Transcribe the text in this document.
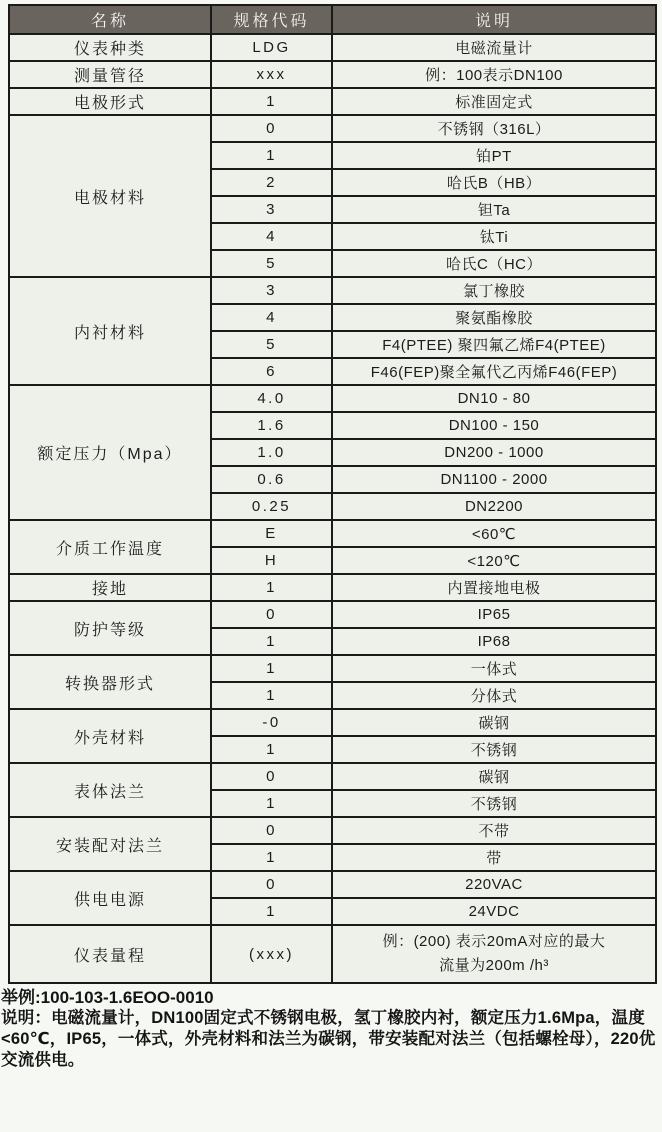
名称	规格代码	说明
仪表种类	LDG	电磁流量计
测量管径	xxx	例：100表示DN100
电极形式	1	标准固定式
电极材料	0	不锈钢（316L）
	1	铂PT
	2	哈氏B（HB）
	3	钽Ta
	4	钛Ti
	5	哈氏C（HC）
内衬材料	3	氯丁橡胶
	4	聚氨酯橡胶
	5	F4(PTEE) 聚四氟乙烯F4(PTEE)
	6	F46(FEP)聚全氟代乙丙烯F46(FEP)
额定压力（Mpa）	4.0	DN10 - 80
	1.6	DN100 - 150
	1.0	DN200 - 1000
	0.6	DN1100 - 2000
	0.25	DN2200
介质工作温度	E	<60℃
	H	<120℃
接地	1	内置接地电极
防护等级	0	IP65
	1	IP68
转换器形式	1	一体式
	1	分体式
外壳材料	-0	碳钢
	1	不锈钢
表体法兰	0	碳钢
	1	不锈钢
安装配对法兰	0	不带
	1	带
供电电源	0	220VAC
	1	24VDC
仪表量程	(xxx)	例：(200) 表示20mA对应的最大
流量为200m /h³
举例:100-103-1.6EOO-0010
说明：电磁流量计，DN100固定式不锈钢电极，氢丁橡胶内衬，额定压力1.6Mpa，温度<60℃，IP65，一体式，外壳材料和法兰为碳钢，带安装配对法兰（包括螺栓母），220优交流供电。
